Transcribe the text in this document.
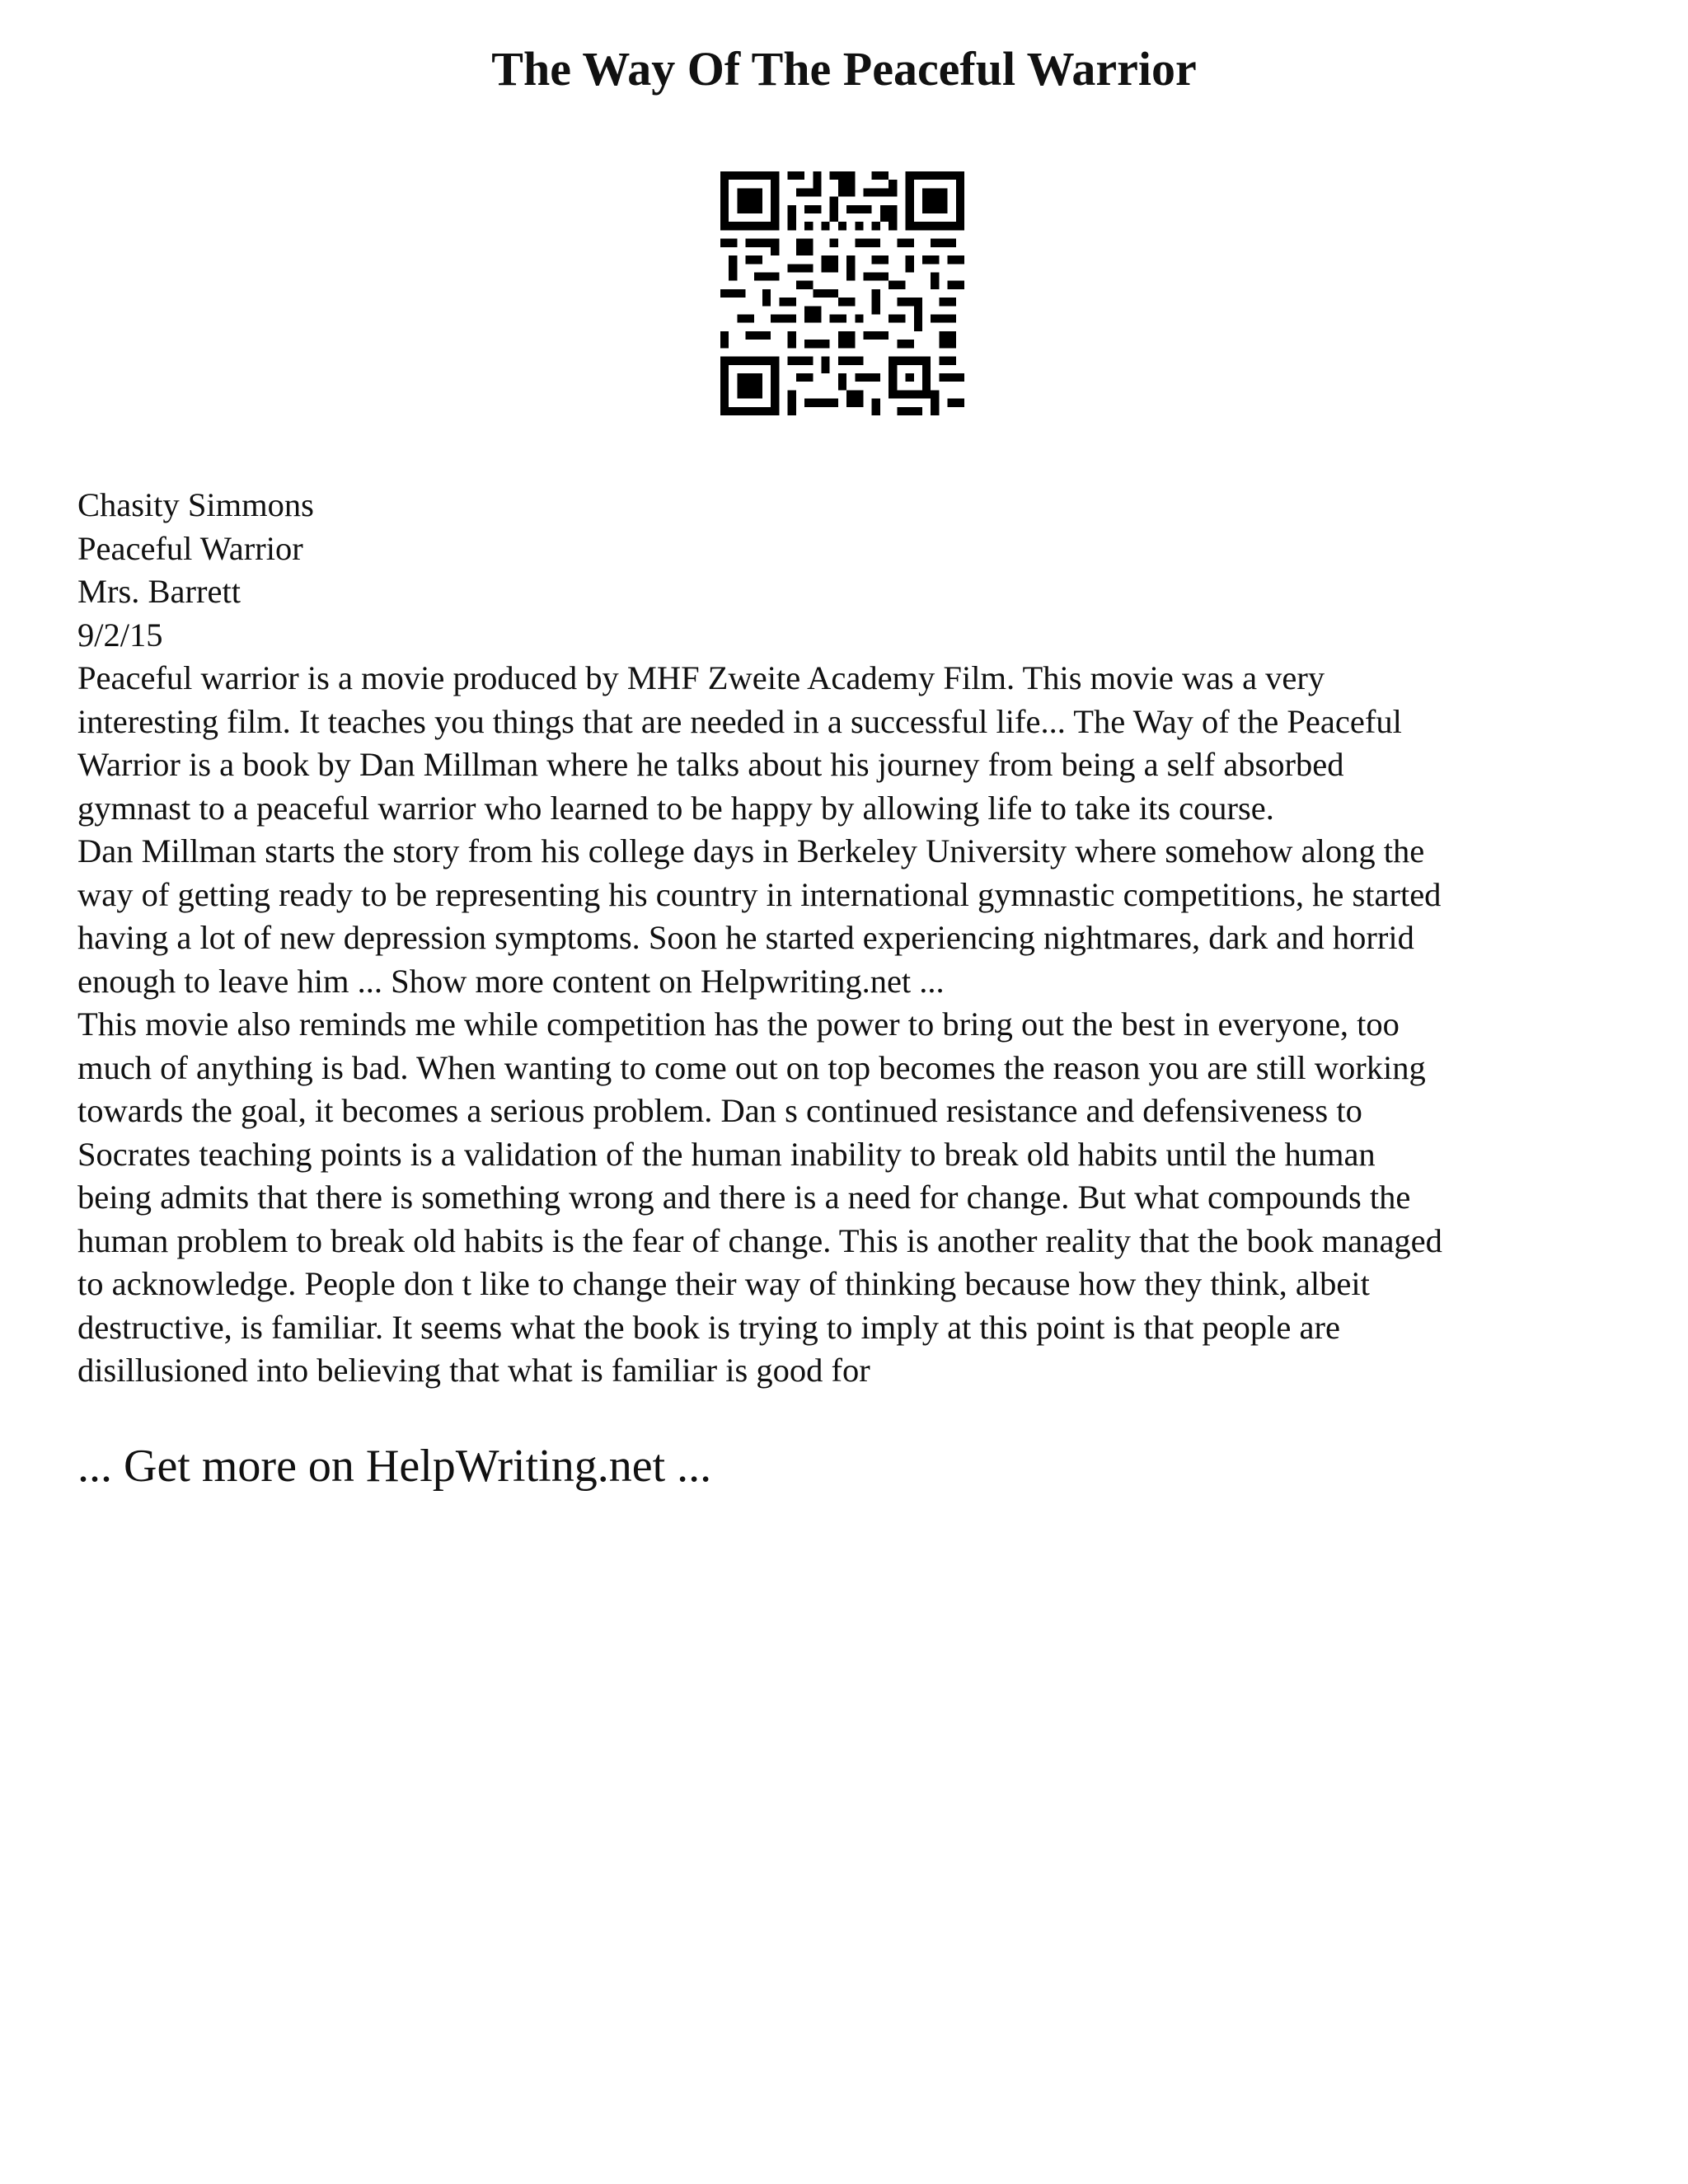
The Way Of The Peaceful Warrior
Chasity Simmons
Peaceful Warrior
Mrs. Barrett
9/2/15
Peaceful warrior is a movie produced by MHF Zweite Academy Film. This movie was a very
interesting film. It teaches you things that are needed in a successful life... The Way of the Peaceful
Warrior is a book by Dan Millman where he talks about his journey from being a self absorbed
gymnast to a peaceful warrior who learned to be happy by allowing life to take its course.
Dan Millman starts the story from his college days in Berkeley University where somehow along the
way of getting ready to be representing his country in international gymnastic competitions, he started
having a lot of new depression symptoms. Soon he started experiencing nightmares, dark and horrid
enough to leave him ... Show more content on Helpwriting.net ...
This movie also reminds me while competition has the power to bring out the best in everyone, too
much of anything is bad. When wanting to come out on top becomes the reason you are still working
towards the goal, it becomes a serious problem. Dan s continued resistance and defensiveness to
Socrates teaching points is a validation of the human inability to break old habits until the human
being admits that there is something wrong and there is a need for change. But what compounds the
human problem to break old habits is the fear of change. This is another reality that the book managed
to acknowledge. People don t like to change their way of thinking because how they think, albeit
destructive, is familiar. It seems what the book is trying to imply at this point is that people are
disillusioned into believing that what is familiar is good for
... Get more on HelpWriting.net ...
